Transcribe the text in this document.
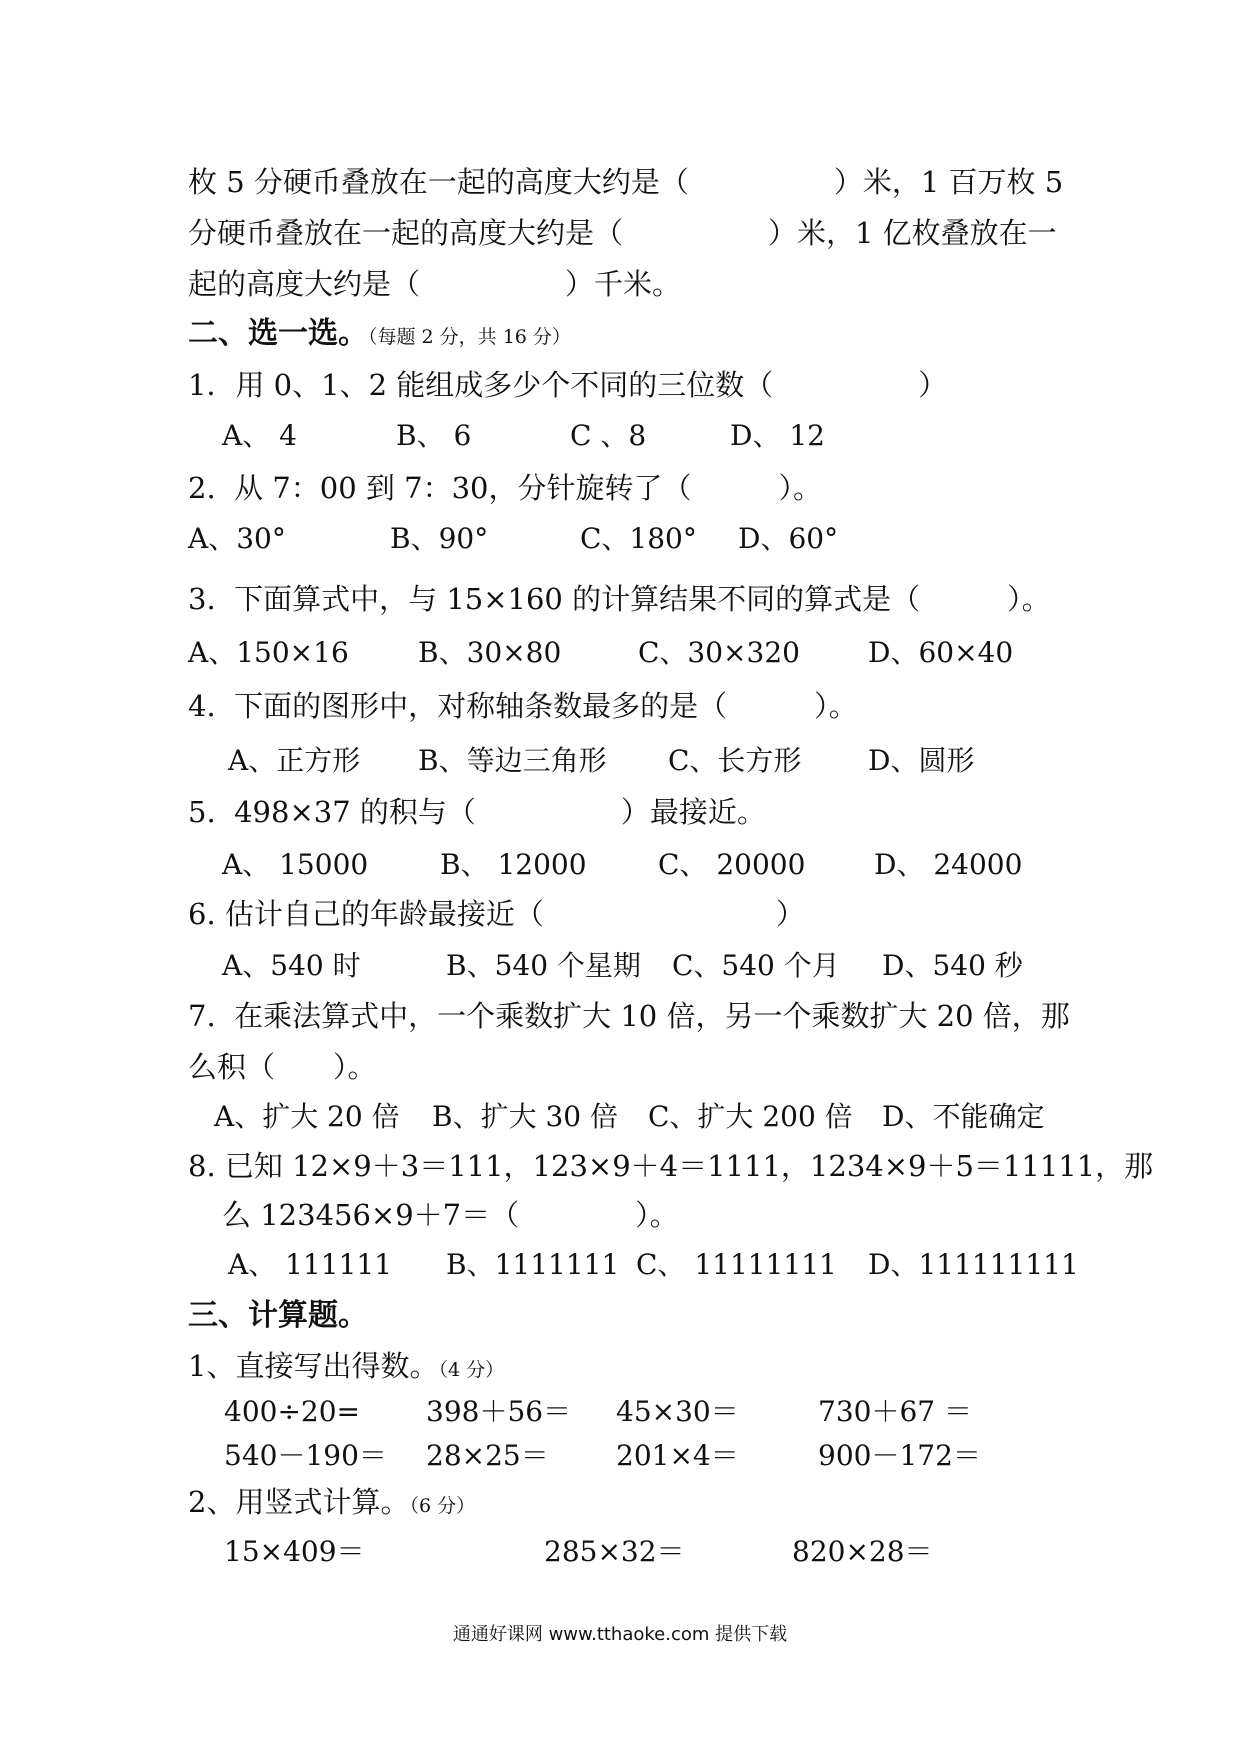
枚 5 分硬币叠放在一起的高度大约是（　　　　　）米，1 百万枚 5
分硬币叠放在一起的高度大约是（　　　　　）米，1 亿枚叠放在一
起的高度大约是（　　　　　）千米。
二、选一选。（每题 2 分，共 16 分）
1．用 0、1、2 能组成多少个不同的三位数（　　　　　）
A、 4	B、 6	C 、8	D、 12
2.  从 7：00 到 7：30，分针旋转了（　　　）。
A、30°	B、90°	C、180° D、60°
3.  下面算式中，与 15×160 的计算结果不同的算式是（　　　）。
A、150×16 B、30×80	C、30×320 D、60×40
4.  下面的图形中，对称轴条数最多的是（　　　）。
A、正方形 B、等边三角形 C、长方形 D、圆形
5.  498×37 的积与（　　　　　）最接近。
A、 15000	B、 12000	C、 20000 D、 24000
6. 估计自己的年龄最接近（　　　　　　　　）
A、540 时	B、540 个星期 C、540 个月 D、540 秒
7.  在乘法算式中，一个乘数扩大 10 倍，另一个乘数扩大 20 倍，那
么积（　　）。
A、扩大 20 倍 B、扩大 30 倍 C、扩大 200 倍 D、不能确定
8. 已知 12×9＋3＝111，123×9＋4＝1111，1234×9＋5＝11111，那
么 123456×9＋7＝（　　　　）。
A、 111111 B、1111111 C、 11111111 D、111111111
三、计算题。
1、直接写出得数。（4 分）
400÷20= 398＋56＝ 45×30＝	730＋67 ＝
540－190＝ 28×25＝ 201×4＝	900－172＝
2、用竖式计算。（6 分）
15×409＝	285×32＝	820×28＝
通通好课网 www.tthaoke.com 提供下载
